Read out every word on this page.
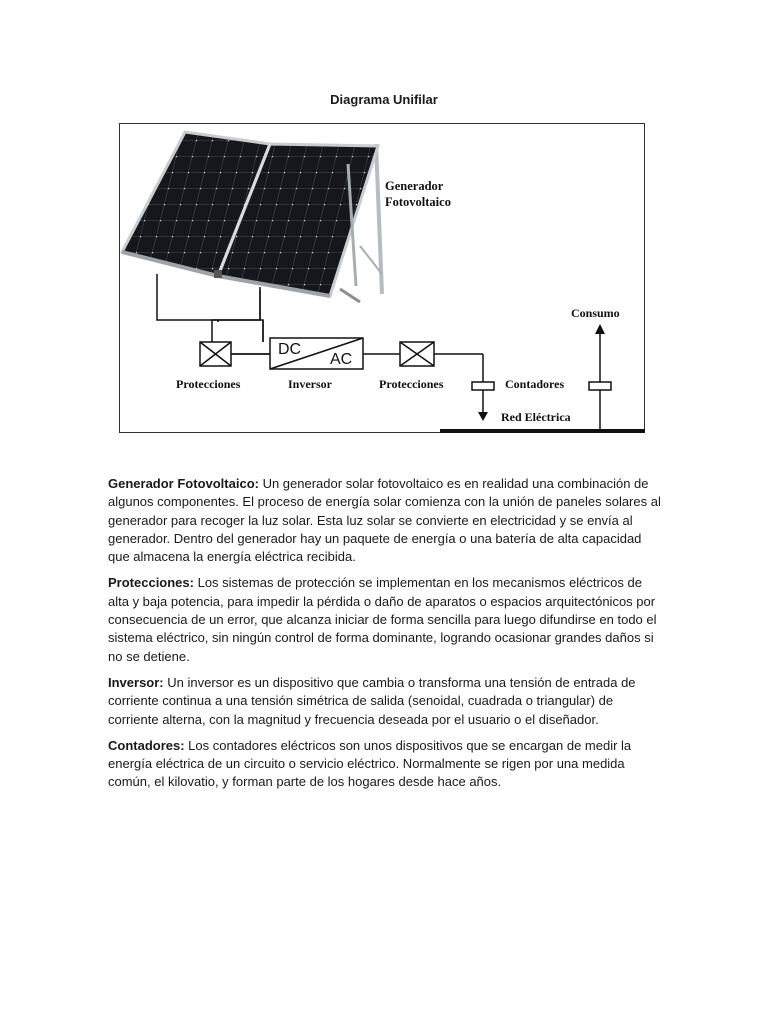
Diagrama Unifilar
Generador
Fotovoltaico
Consumo
DC
AC
Protecciones	Inversor	Protecciones	Contadores
Red Eléctrica

Generador Fotovoltaico: Un generador solar fotovoltaico es en realidad una combinación de algunos componentes. El proceso de energía solar comienza con la unión de paneles solares al generador para recoger la luz solar. Esta luz solar se convierte en electricidad y se envía al generador. Dentro del generador hay un paquete de energía o una batería de alta capacidad que almacena la energía eléctrica recibida.

Protecciones: Los sistemas de protección se implementan en los mecanismos eléctricos de alta y baja potencia, para impedir la pérdida o daño de aparatos o espacios arquitectónicos por consecuencia de un error, que alcanza iniciar de forma sencilla para luego difundirse en todo el sistema eléctrico, sin ningún control de forma dominante, logrando ocasionar grandes daños si no se detiene.

Inversor: Un inversor es un dispositivo que cambia o transforma una tensión de entrada de corriente continua a una tensión simétrica de salida (senoidal, cuadrada o triangular) de corriente alterna, con la magnitud y frecuencia deseada por el usuario o el diseñador.

Contadores: Los contadores eléctricos son unos dispositivos que se encargan de medir la energía eléctrica de un circuito o servicio eléctrico. Normalmente se rigen por una medida común, el kilovatio, y forman parte de los hogares desde hace años.
